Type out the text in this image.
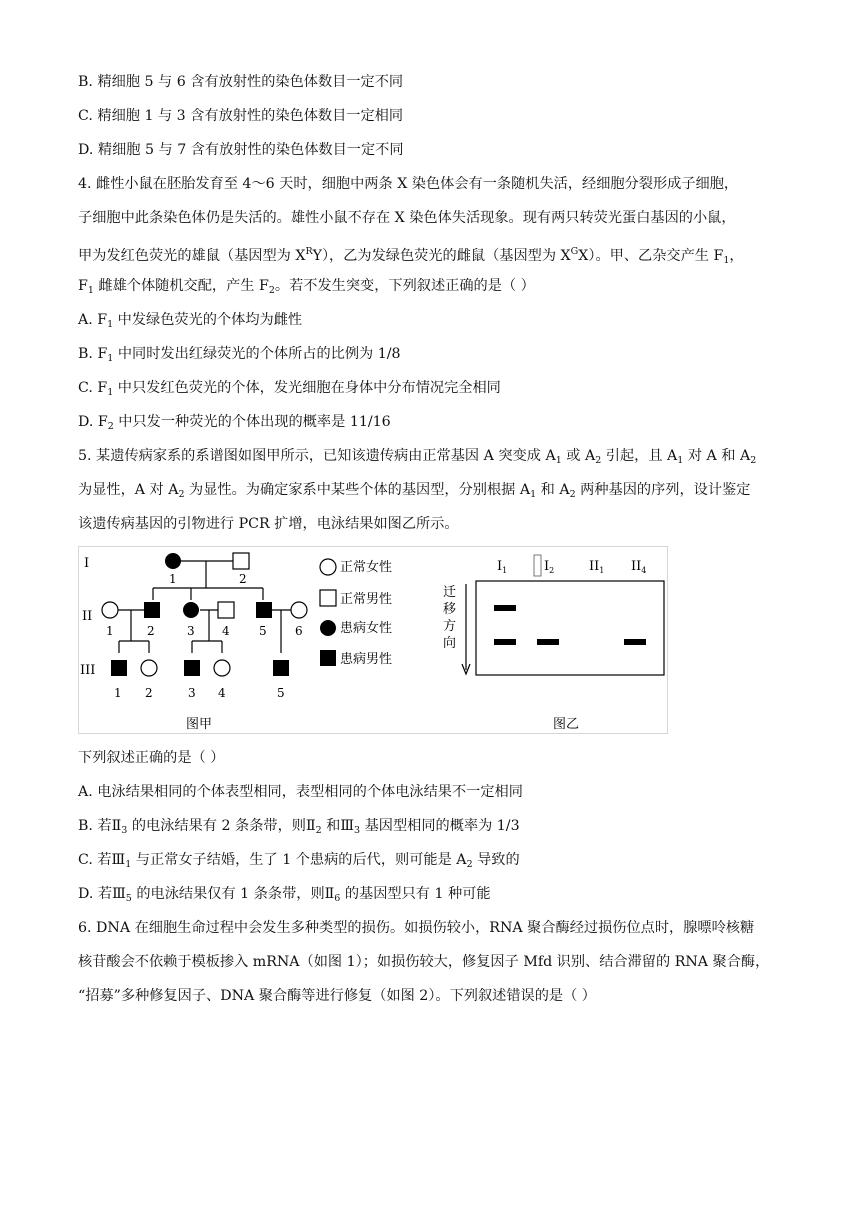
B. 精细胞 5 与 6 含有放射性的染色体数目一定不同
C. 精细胞 1 与 3 含有放射性的染色体数目一定相同
D. 精细胞 5 与 7 含有放射性的染色体数目一定不同
4. 雌性小鼠在胚胎发育至 4～6 天时，细胞中两条 X 染色体会有一条随机失活，经细胞分裂形成子细胞，
子细胞中此条染色体仍是失活的。雄性小鼠不存在 X 染色体失活现象。现有两只转荧光蛋白基因的小鼠，
甲为发红色荧光的雄鼠（基因型为 $X^RY$），乙为发绿色荧光的雌鼠（基因型为 $X^GX$）。甲、乙杂交产生 $F_1$，
$F_1$ 雌雄个体随机交配，产生 $F_2$。若不发生突变，下列叙述正确的是（ ）
A. $F_1$ 中发绿色荧光的个体均为雌性
B. $F_1$ 中同时发出红绿荧光的个体所占的比例为 1/8
C. $F_1$ 中只发红色荧光的个体，发光细胞在身体中分布情况完全相同
D. $F_2$ 中只发一种荧光的个体出现的概率是 11/16
5. 某遗传病家系的系谱图如图甲所示，已知该遗传病由正常基因 A 突变成 $A_1$ 或 $A_2$ 引起，且 $A_1$ 对 A 和 $A_2$
为显性，A 对 $A_2$ 为显性。为确定家系中某些个体的基因型，分别根据 $A_1$ 和 $A_2$ 两种基因的序列，设计鉴定
该遗传病基因的引物进行 PCR 扩增，电泳结果如图乙所示。
I
II
III
1	2
1	2	3 4 5 6
1 2	3 4	5
正常女性
正常男性
患病女性
患病男性
$I_1$	$I_2$	$II_1$ $II_4$
迁
移
方
向
图甲	图乙
下列叙述正确的是（ ）
A. 电泳结果相同的个体表型相同，表型相同的个体电泳结果不一定相同
B. 若$Ⅱ_3$ 的电泳结果有 2 条条带，则$Ⅱ_2$ 和$Ⅲ_3$ 基因型相同的概率为 1/3
C. 若$Ⅲ_1$ 与正常女子结婚，生了 1 个患病的后代，则可能是 $A_2$ 导致的
D. 若$Ⅲ_5$ 的电泳结果仅有 1 条条带，则$Ⅱ_6$ 的基因型只有 1 种可能
6. DNA 在细胞生命过程中会发生多种类型的损伤。如损伤较小，RNA 聚合酶经过损伤位点时，腺嘌呤核糖
核苷酸会不依赖于模板掺入 mRNA（如图 1）；如损伤较大，修复因子 Mfd 识别、结合滞留的 RNA 聚合酶，
“招募”多种修复因子、DNA 聚合酶等进行修复（如图 2）。下列叙述错误的是（ ）
